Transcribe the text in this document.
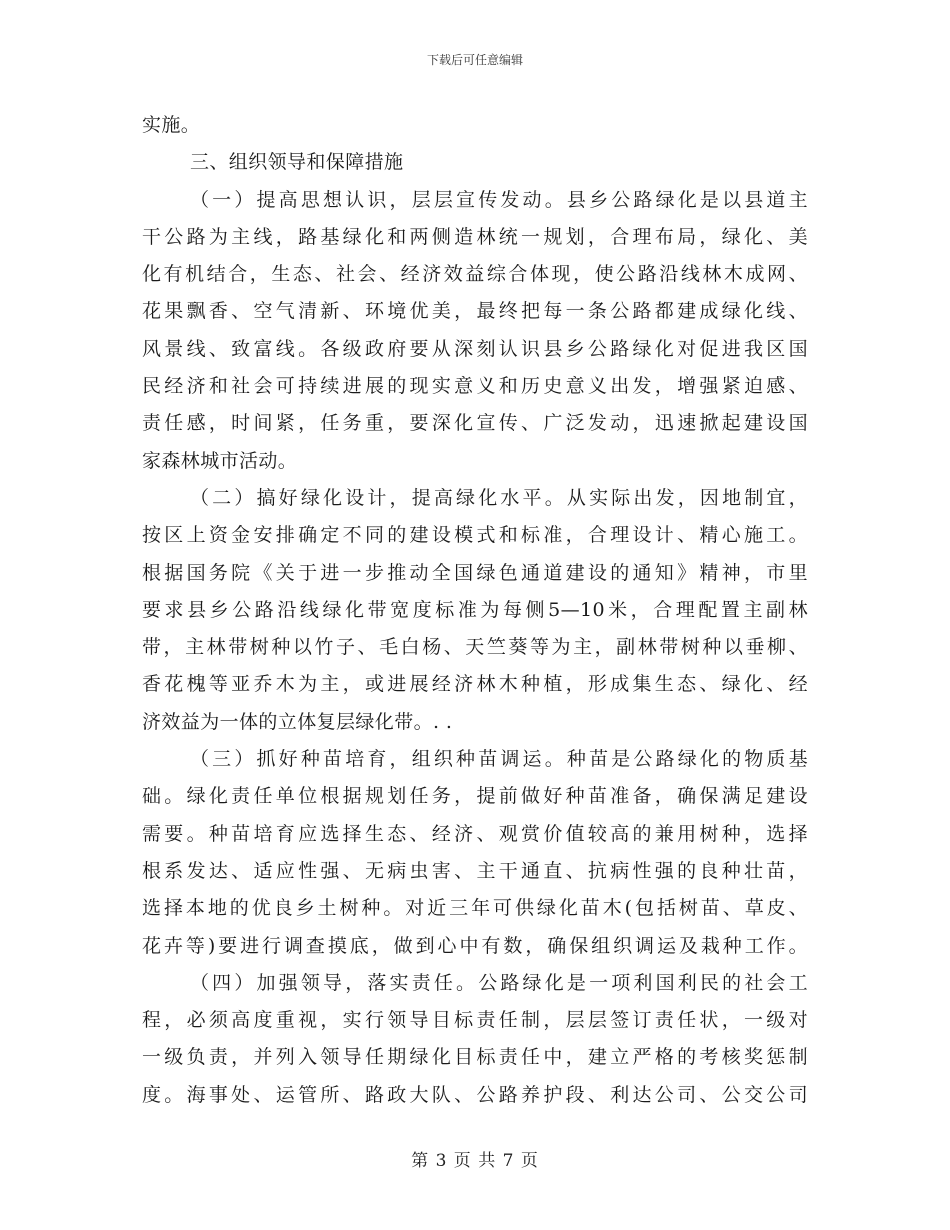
下载后可任意编辑
实施。
三、组织领导和保障措施
（一）提高思想认识，层层宣传发动。县乡公路绿化是以县道主
干公路为主线，路基绿化和两侧造林统一规划，合理布局，绿化、美
化有机结合，生态、社会、经济效益综合体现，使公路沿线林木成网、
花果飘香、空气清新、环境优美，最终把每一条公路都建成绿化线、
风景线、致富线。各级政府要从深刻认识县乡公路绿化对促进我区国
民经济和社会可持续进展的现实意义和历史意义出发，增强紧迫感、
责任感，时间紧，任务重，要深化宣传、广泛发动，迅速掀起建设国
家森林城市活动。
（二）搞好绿化设计，提高绿化水平。从实际出发，因地制宜，
按区上资金安排确定不同的建设模式和标准，合理设计、精心施工。
根据国务院《关于进一步推动全国绿色通道建设的通知》精神，市里
要求县乡公路沿线绿化带宽度标准为每侧5—10米，合理配置主副林
带，主林带树种以竹子、毛白杨、天竺葵等为主，副林带树种以垂柳、
香花槐等亚乔木为主，或进展经济林木种植，形成集生态、绿化、经
济效益为一体的立体复层绿化带。. .
（三）抓好种苗培育，组织种苗调运。种苗是公路绿化的物质基
础。绿化责任单位根据规划任务，提前做好种苗准备，确保满足建设
需要。种苗培育应选择生态、经济、观赏价值较高的兼用树种，选择
根系发达、适应性强、无病虫害、主干通直、抗病性强的良种壮苗，
选择本地的优良乡土树种。对近三年可供绿化苗木(包括树苗、草皮、
花卉等)要进行调查摸底，做到心中有数，确保组织调运及栽种工作。
（四）加强领导，落实责任。公路绿化是一项利国利民的社会工
程，必须高度重视，实行领导目标责任制，层层签订责任状，一级对
一级负责，并列入领导任期绿化目标责任中，建立严格的考核奖惩制
度。海事处、运管所、路政大队、公路养护段、利达公司、公交公司
第 3 页 共 7 页
